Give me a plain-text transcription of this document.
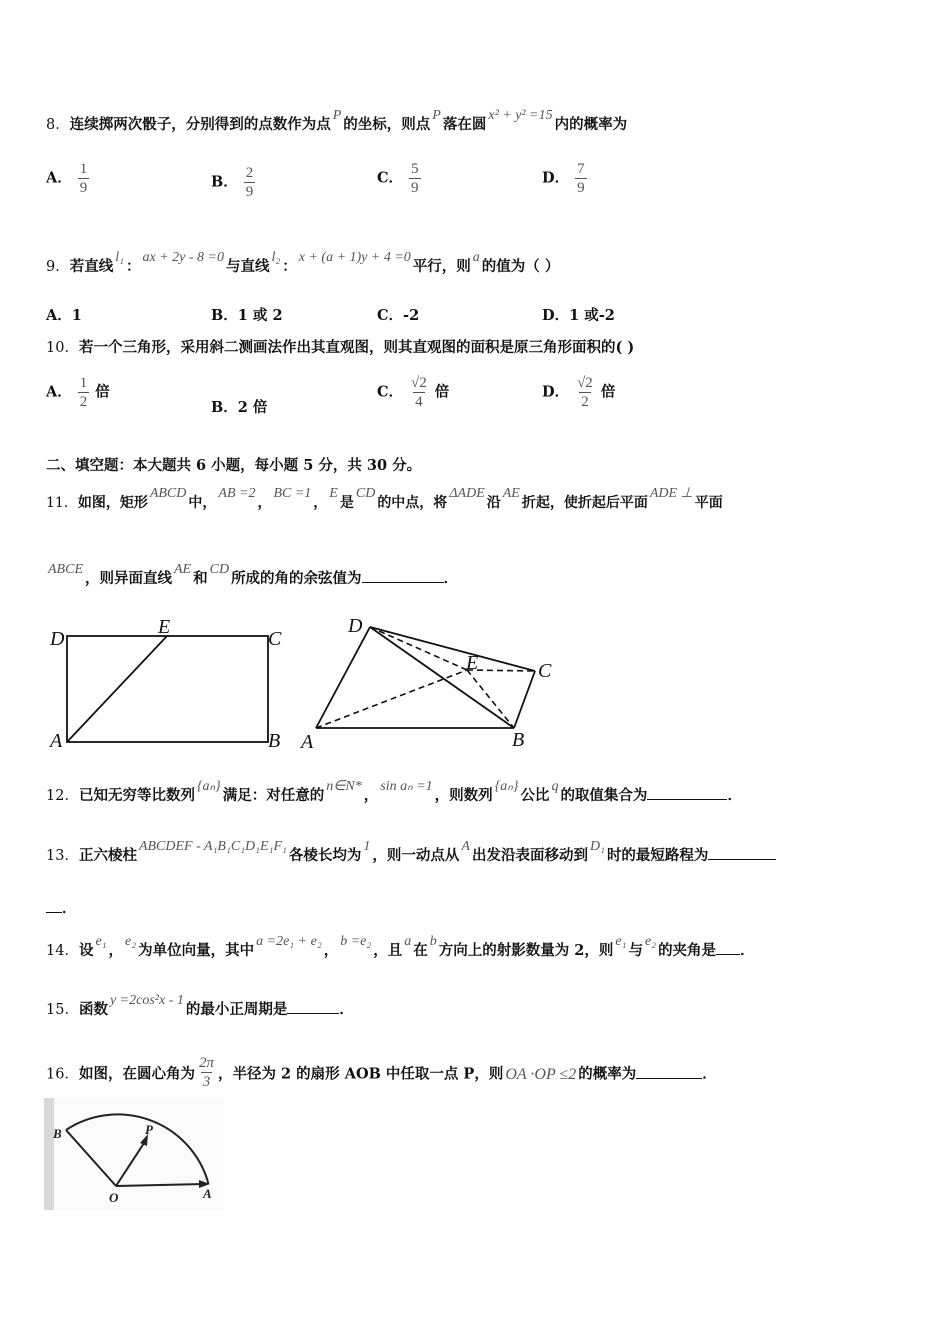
8．连续掷两次骰子，分别得到的点数作为点P的坐标，则点P落在圆x² + y² =15内的概率为
A． $\frac{1}{9}$	B． $\frac{2}{9}$	C． $\frac{5}{9}$	D． $\frac{7}{9}$
9．若直线l₁：ax + 2y - 8 =0与直线l₂：x + (a + 1)y + 4 =0平行，则a的值为（ ）
A．1	B．1 或 2	C．-2	D．1 或-2
10．若一个三角形，采用斜二测画法作出其直观图，则其直观图的面积是原三角形面积的( )
A． $\frac{1}{2}$ 倍
B．2 倍
C． $\frac{√2}{4}$ 倍	D． $\frac{√2}{2}$ 倍
二、填空题：本大题共 6 小题，每小题 5 分，共 30 分。
11．如图，矩形ABCD中，AB =2，BC =1，E是CD的中点，将ΔADE沿AE折起，使折起后平面ADE ⊥平面
ABCE，则异面直线AE和CD所成的角的余弦值为	．
D
E
C
A	B
D
E	C
A	B
12．已知无穷等比数列{aₙ}满足：对任意的n∈N*，sin aₙ =1，则数列{aₙ}公比q的取值集合为	．
13．正六棱柱ABCDEF - A₁B₁C₁D₁E₁F₁各棱长均为1，则一动点从A出发沿表面移动到D₁时的最短路程为
．
14．设e₁，e₂为单位向量，其中a =2e₁ + e₂，b =e₂，且a在b方向上的射影数量为 2，则e₁与e₂的夹角是 ．
15．函数y =2cos²x - 1的最小正周期是	．
16．如图，在圆心角为 $\frac{2\pi}{3}$ ，半径为 2 的扇形 AOB 中任取一点 P，则 OA ·OP ≤2 的概率为	．
B	P
O	A
